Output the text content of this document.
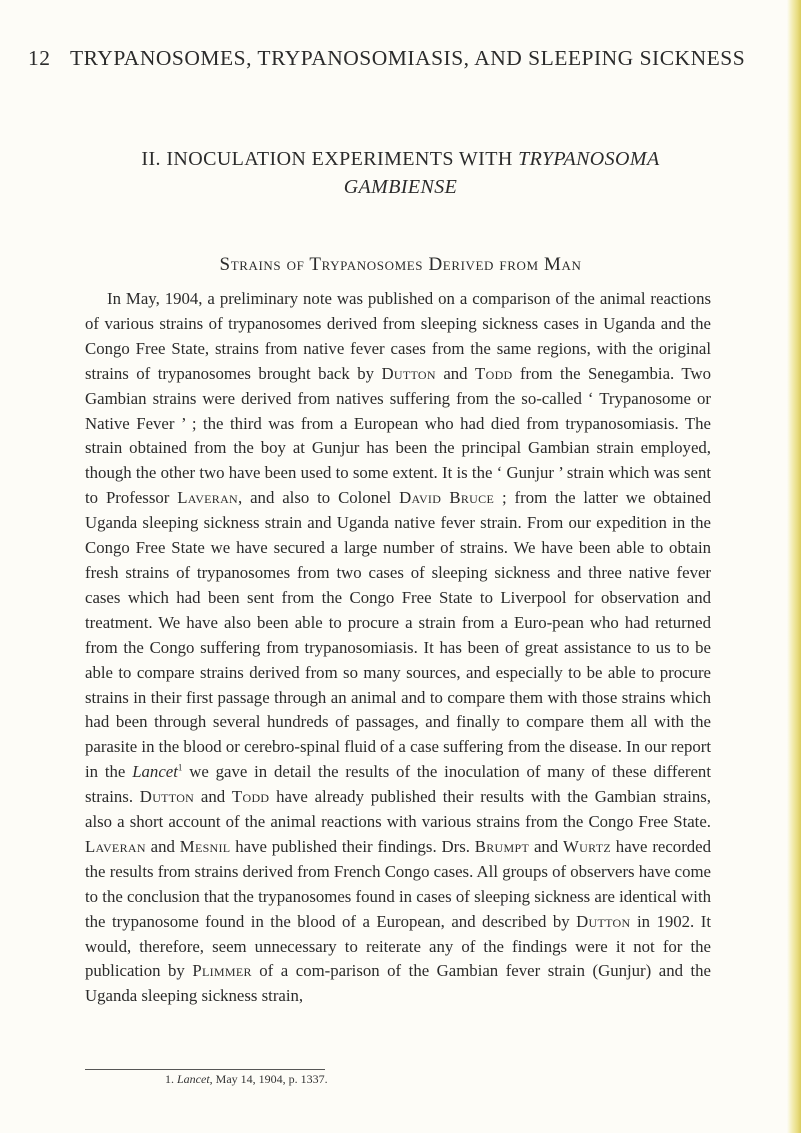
12 TRYPANOSOMES, TRYPANOSOMIASIS, AND SLEEPING SICKNESS
II. INOCULATION EXPERIMENTS WITH TRYPANOSOMA
GAMBIENSE
Strains of Trypanosomes Derived from Man

In May, 1904, a preliminary note was published on a comparison of the animal reactions of various strains of trypanosomes derived from sleeping sickness cases in Uganda and the Congo Free State, strains from native fever cases from the same regions, with the original strains of trypanosomes brought back by Dutton and Todd from the Senegambia. Two Gambian strains were derived from natives suffering from the so-called ‘ Trypanosome or Native Fever ’ ; the third was from a European who had died from trypanosomiasis. The strain obtained from the boy at Gunjur has been the principal Gambian strain employed, though the other two have been used to some extent. It is the ‘ Gunjur ’ strain which was sent to Professor Laveran, and also to Colonel David Bruce ; from the latter we obtained Uganda sleeping sickness strain and Uganda native fever strain. From our expedition in the Congo Free State we have secured a large number of strains. We have been able to obtain fresh strains of trypanosomes from two cases of sleeping sickness and three native fever cases which had been sent from the Congo Free State to Liverpool for observation and treatment. We have also been able to procure a strain from a Euro-pean who had returned from the Congo suffering from trypanosomiasis. It has been of great assistance to us to be able to compare strains derived from so many sources, and especially to be able to procure strains in their first passage through an animal and to compare them with those strains which had been through several hundreds of passages, and finally to compare them all with the parasite in the blood or cerebro-spinal fluid of a case suffering from the disease. In our report in the Lancet$^1$ we gave in detail the results of the inoculation of many of these different strains. Dutton and Todd have already published their results with the Gambian strains, also a short account of the animal reactions with various strains from the Congo Free State. Laveran and Mesnil have published their findings. Drs. Brumpt and Wurtz have recorded the results from strains derived from French Congo cases. All groups of observers have come to the conclusion that the trypanosomes found in cases of sleeping sickness are identical with the trypanosome found in the blood of a European, and described by Dutton in 1902. It would, therefore, seem unnecessary to reiterate any of the findings were it not for the publication by Plimmer of a com-parison of the Gambian fever strain (Gunjur) and the Uganda sleeping sickness strain,

1. Lancet, May 14, 1904, p. 1337.
